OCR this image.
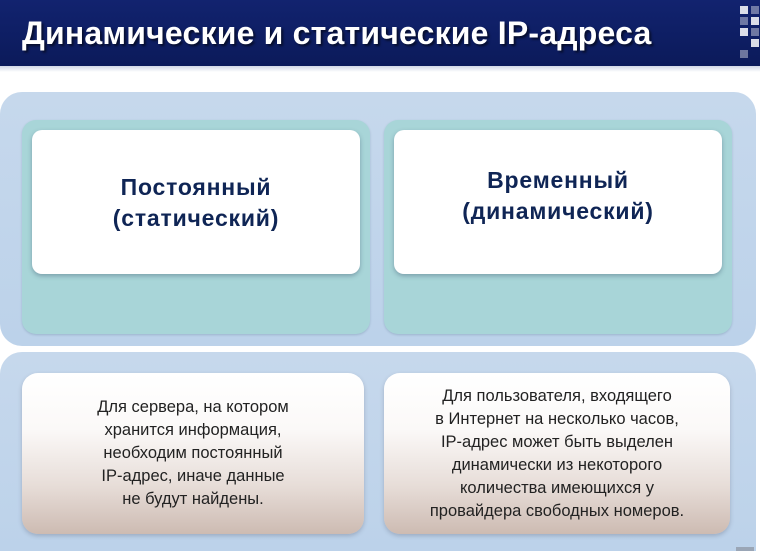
Динамические и статические IP-адреса
Постоянный
(статический)
Временный
(динамический)
Для сервера, на котором
хранится информация,
необходим постоянный
IP-адрес, иначе данные
не будут найдены.
Для пользователя, входящего
в Интернет на несколько часов,
IP-адрес может быть выделен
динамически из некоторого
количества имеющихся у
провайдера свободных номеров.
